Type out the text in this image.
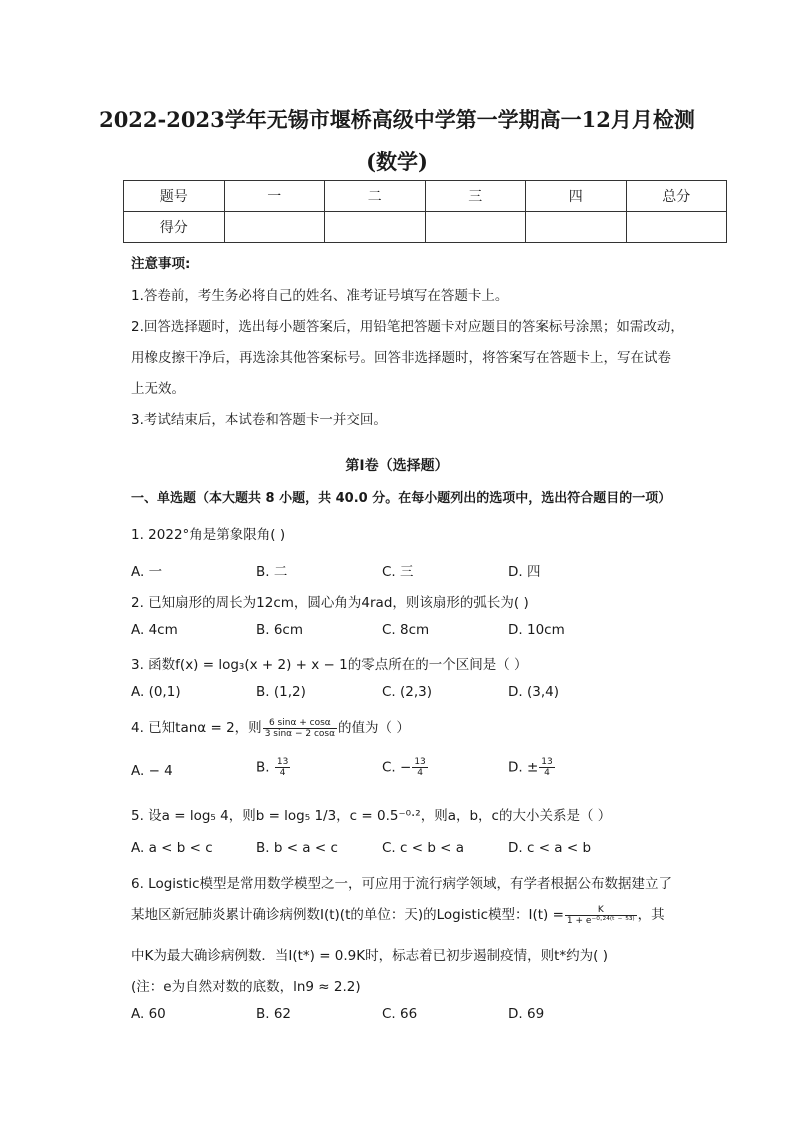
2022-2023学年无锡市堰桥高级中学第一学期高一12月月检测
(数学)
题号	一	二	三	四	总分
得分					
注意事项:
1.答卷前，考生务必将自己的姓名、准考证号填写在答题卡上。
2.回答选择题时，选出每小题答案后，用铅笔把答题卡对应题目的答案标号涂黑；如需改动，
用橡皮擦干净后，再选涂其他答案标号。回答非选择题时，将答案写在答题卡上，写在试卷
上无效。
3.考试结束后，本试卷和答题卡一并交回。
第Ⅰ卷（选择题）
一、单选题（本大题共 8 小题，共 40.0 分。在每小题列出的选项中，选出符合题目的一项）
1. 2022°角是第象限角( )
A. 一	B. 二	C. 三	D. 四
2. 已知扇形的周长为12cm，圆心角为4rad，则该扇形的弧长为( )
A. 4cm	B. 6cm	C. 8cm	D. 10cm
3. 函数f(x) = log₃(x + 2) + x − 1的零点所在的一个区间是（ ）
A. (0,1)	B. (1,2)	C. (2,3)	D. (3,4)
4. 已知tanα = 2，则 $\frac{6 \sin\alpha + \cos\alpha}{3 \sin\alpha - 2 \cos\alpha}$ 的值为（ ）
A. − 4	B. $\frac{13}{4}$	C. − $\frac{13}{4}$	D. ± $\frac{13}{4}$
5. 设a = log₅ 4，则b = log₅ 1/3，c = 0.5⁻⁰·²，则a，b，c的大小关系是（ ）
A. a < b < c	B. b < a < c	C. c < b < a	D. c < a < b
6. Logistic模型是常用数学模型之一，可应用于流行病学领域，有学者根据公布数据建立了
某地区新冠肺炎累计确诊病例数I(t)(t的单位：天)的Logistic模型：$I(t) = \frac{K}{\text{1 + e⁻⁰·²⁴⁽ᵗ ⁻ ⁵³⁾}}$ ，其
中K为最大确诊病例数．当I(t*) = 0.9K时，标志着已初步遏制疫情，则t*约为( )
(注：e为自然对数的底数，ln9 ≈ 2.2)
A. 60	B. 62	C. 66	D. 69
